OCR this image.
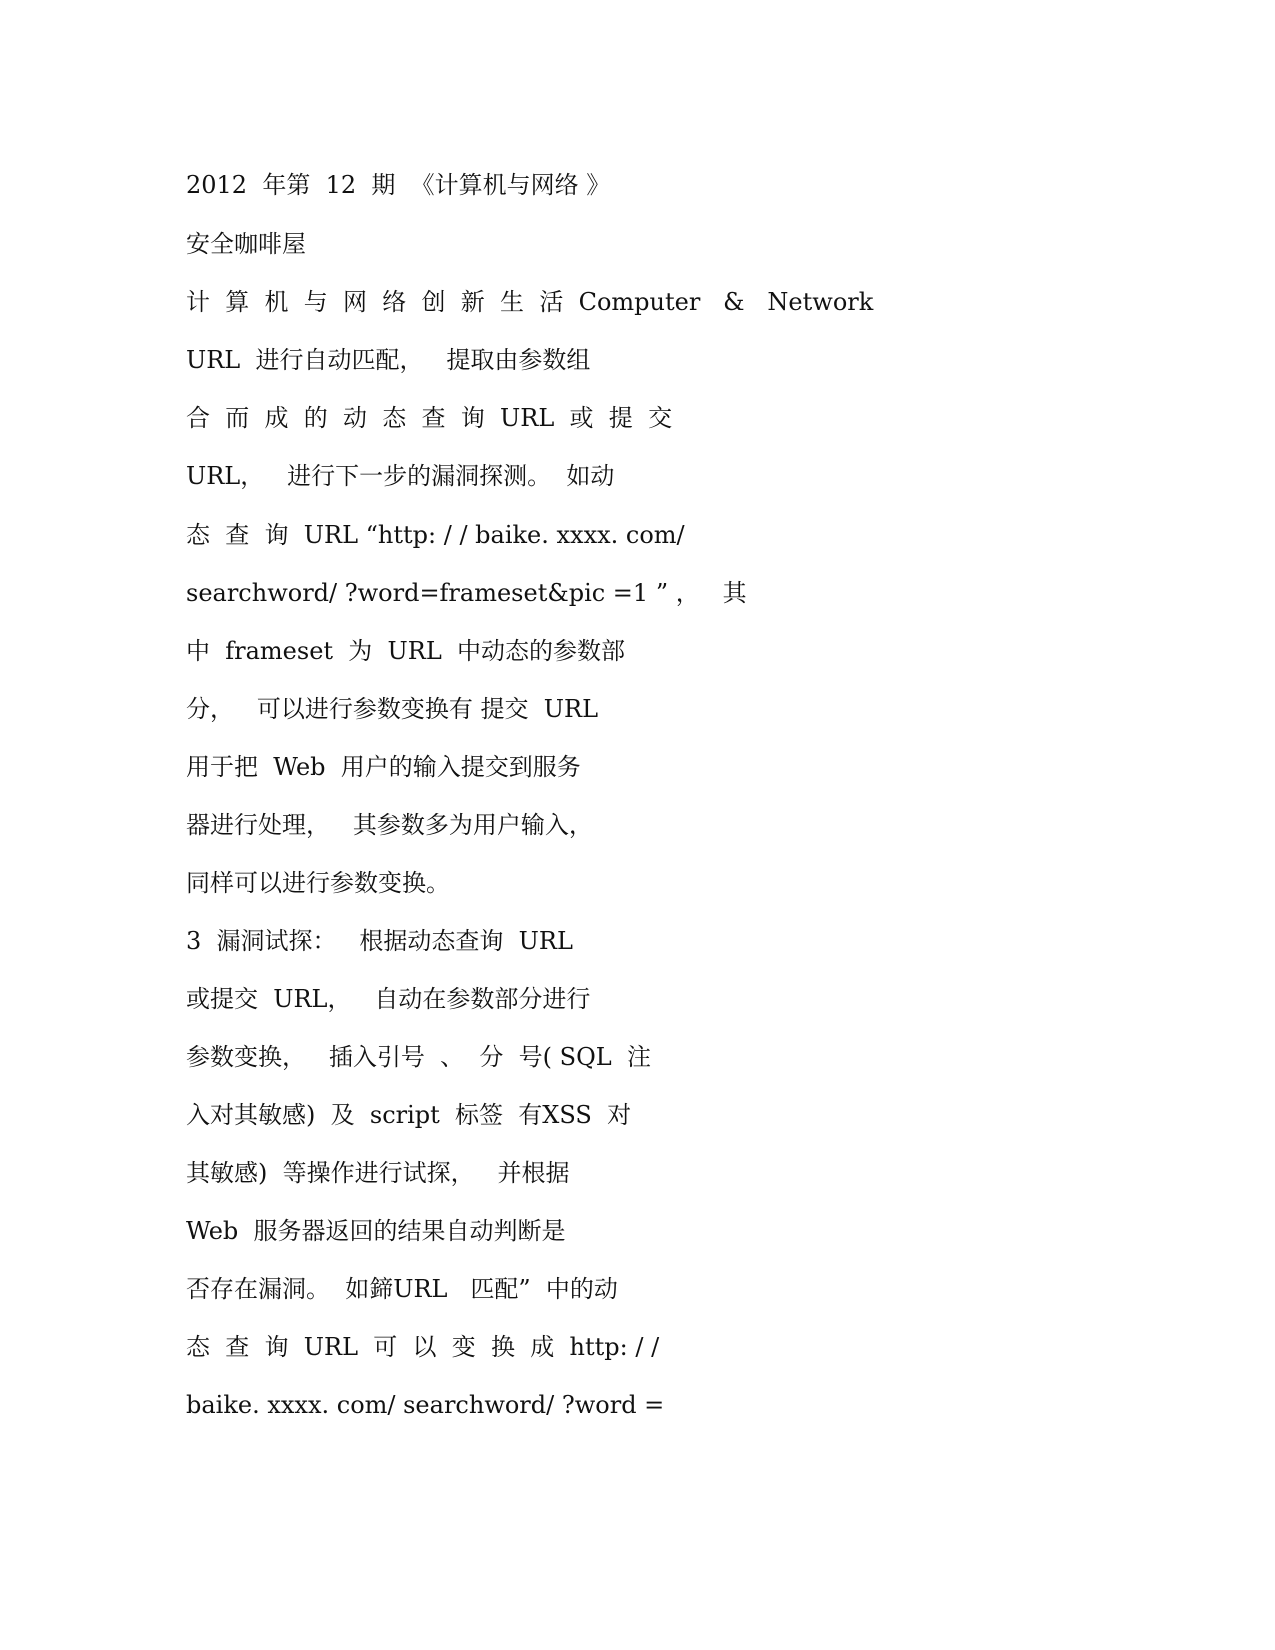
2012  年第  12  期  《计算机与网络 》

安全咖啡屋

计  算  机  与  网  络  创  新  生  活  Computer   &   Network

URL  进行自动匹配，   提取由参数组

合  而  成  的  动  态  查  询  URL  或  提  交

URL，   进行下一步的漏洞探测。  如动

态  查  询  URL “http: / / baike. xxxx. com/

searchword/ ?word=frameset&pic =1 ” ，   其

中  frameset  为  URL  中动态的参数部

分，   可以进行参数变换有 提交  URL

用于把  Web  用户的输入提交到服务

器进行处理，   其参数多为用户输入，

同样可以进行参数变换。

3  漏洞试探：   根据动态查询  URL

或提交  URL，   自动在参数部分进行

参数变换，   插入引号  、  分  号( SQL  注

入对其敏感)  及  script  标签  有XSS  对

其敏感)  等操作进行试探，   并根据

Web  服务器返回的结果自动判断是

否存在漏洞。  如鍗URL   匹配”  中的动

态  查  询  URL  可  以  变  换  成  http: / /

baike. xxxx. com/ searchword/ ?word =
